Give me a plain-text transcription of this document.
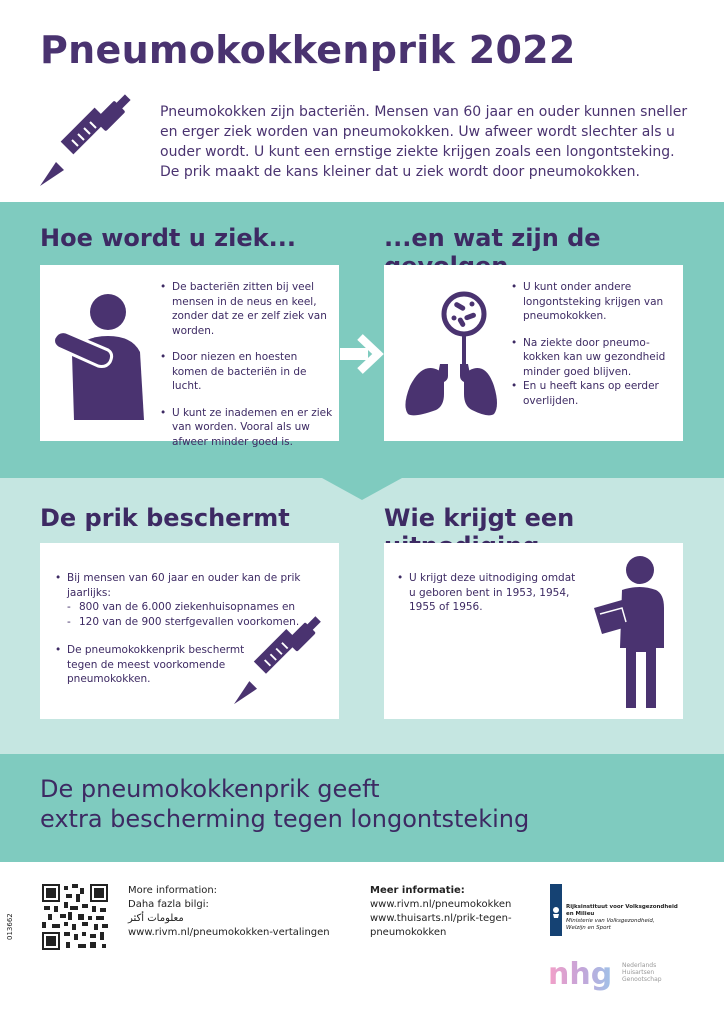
Pneumokokkenprik 2022
Pneumokokken zijn bacteriën. Mensen van 60 jaar en ouder kunnen sneller en erger ziek worden van pneumokokken. Uw afweer wordt slechter als u ouder wordt. U kunt een ernstige ziekte krijgen zoals een longontsteking. De prik maakt de kans kleiner dat u ziek wordt door pneumokokken.
Hoe wordt u ziek...	...en wat zijn de
• De bacteriën zitten bij veel mensen in de neus en keel, zonder dat ze er zelf ziek van worden.
• Door niezen en hoesten komen de bacteriën in de lucht.
• U kunt ze inademen en er ziek van worden. Vooral als uw afweer minder goed is.
• U kunt onder andere longontsteking krijgen van pneumokokken.
• Na ziekte door pneumo-kokken kan uw gezondheid minder goed blijven.
• En u heeft kans op eerder overlijden.
De prik beschermt	Wie krijgt een
• Bij mensen van 60 jaar en ouder kan de prik jaarlijks:
- 800 van de 6.000 ziekenhuisopnames en
- 120 van de 900 sterfgevallen voorkomen.
• De pneumokokkenprik beschermt tegen de meest voorkomende pneumokokken.
• U krijgt deze uitnodiging omdat u geboren bent in 1953, 1954, 1955 of 1956.
De pneumokokkenprik geeft
extra bescherming tegen longontsteking
More information:
Daha fazla bilgi:
معلومات أكثر
www.rivm.nl/pneumokokken-vertalingen
Meer informatie:
www.rivm.nl/pneumokokken
www.thuisarts.nl/prik-tegen-
pneumokokken
013662
Rijksinstituut voor Volksgezondheid
en Milieu
Ministerie van Volksgezondheid,
Welzijn en Sport
nhg Nederlands
Huisartsen
Genootschap
